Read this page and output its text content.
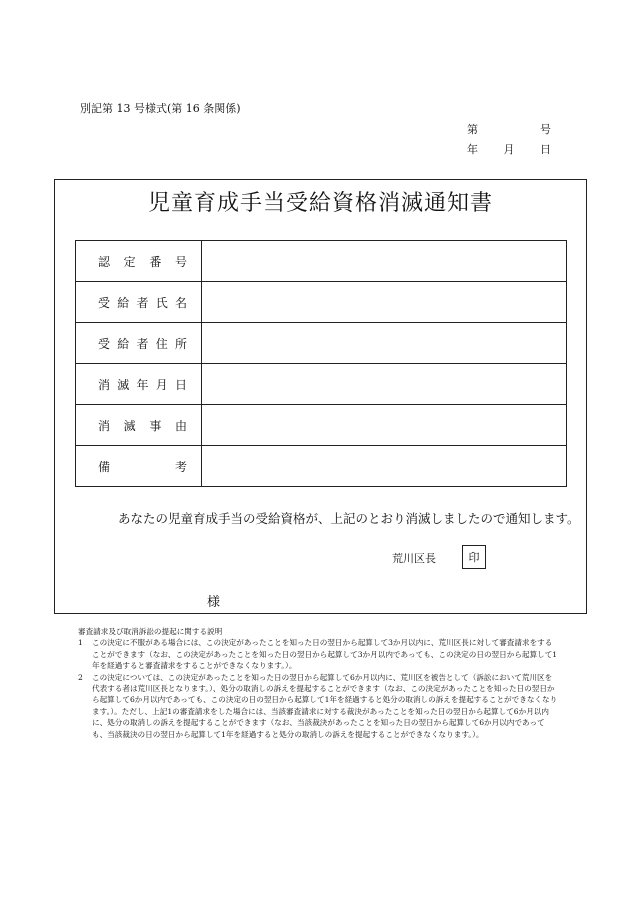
別記第 13 号様式(第 16 条関係)
第	号
年 月 日
児童育成手当受給資格消滅通知書
認 定 番 号	

受 給 者 氏 名	

受 給 者 住 所	

消 滅 年 月 日	

消 滅 事 由	

備 考	

あなたの児童育成手当の受給資格が、上記のとおり消滅しましたので通知します。
荒川区長	印
様

審査請求及び取消訴訟の提起に関する説明

1	この決定に不服がある場合には、この決定があったことを知った日の翌日から起算して3か月以内に、荒川区長に対して審査請求をすることができます（なお、この決定があったことを知った日の翌日から起算して3か月以内であっても、この決定の日の翌日から起算して1年を経過すると審査請求をすることができなくなります。）。

2	この決定については、この決定があったことを知った日の翌日から起算して6か月以内に、荒川区を被告として（訴訟において荒川区を代表する者は荒川区長となります。）、処分の取消しの訴えを提起することができます（なお、この決定があったことを知った日の翌日から起算して6か月以内であっても、この決定の日の翌日から起算して1年を経過すると処分の取消しの訴えを提起することができなくなります。）。ただし、上記1の審査請求をした場合には、当該審査請求に対する裁決があったことを知った日の翌日から起算して6か月以内に、処分の取消しの訴えを提起することができます（なお、当該裁決があったことを知った日の翌日から起算して6か月以内であっても、当該裁決の日の翌日から起算して1年を経過すると処分の取消しの訴えを提起することができなくなります。）。
